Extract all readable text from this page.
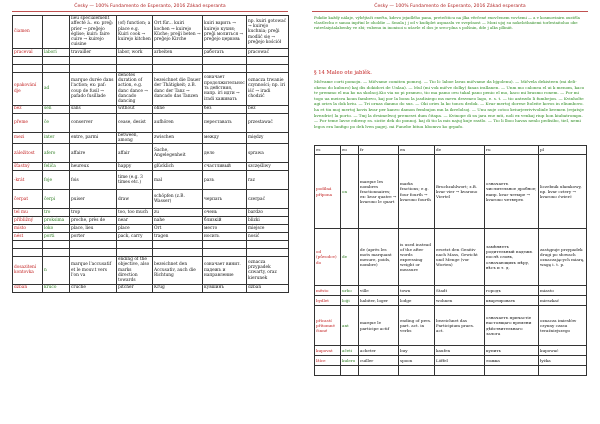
Ĉesky — 100% Fundamento de Esperanto, 2016 Zákad esperanta
ĉiamen		lieu spécialement affecté à.. ex: preĝ: prier → preĝejo église; kuiri: faire cuire → kuirejo cuisine	(of) function; a place e.g. Kuiri cook → kuirejo kitchen	Ort für... kuiri kochen → kuirejo Küche; preĝi beten → preĝejo Kirche	kuiri варить → kuirejo кухня; preĝi молиться → preĝejo церковь	np. kuiri gotować → kuirejo kuchnia; preĝi modlić się → preĝejo kościół
praceval	labori	travailler	labor, work	arbeiten	работать	pracować

opakování dje	ad	marque durée dans l'action; ex: paf: coup de fusil → pafado fusillade	denotes duration of action, e.g. danc dance → dancado dancing	bezeichnet die Dauer der Thätigkeit; z.B. danc der Tanz → dancado das Tanzen	означает продолжительность действия, напр. iri идти → iradi хаживать	oznacza trwanie czynności; np. iri iść → iradi chodzić
bez	sen	sans	without	ohne	без	bez
přeme	ĉe	conserver	cease, desist	aufhören	переставать	przestawać
mezi	inter	entre, parmi	between, among	zwischen	между	między
záležitost	afero	affaire	affair	Sache, Angelegenheit	дело	sprawa
šťastný	feliĉa	heureux	happy	glücklich	счастливый	szczęśliwy
-krát	foje	fois	time (e.g. 3 times etc.)	mal	разъ	raz
čerpat	ĉerpi	puiser	draw	schöpfen (z.B. Wasser)	черпать	czerpać
tel mu	tro	trop	too, too much	zu	очень	bardzo
přibližný	proksima	proche, près de	near	nahe	близкій	blizki
místo	loko	place, lieu	place	Ort	место	miejsce
nést	porti	porter	pack, carry	tragen	носить	nosić

dosazitení kontovka	n	marque l'accusatif et le mouv.t vers l'on va	ending of the objective, also marks direction towards	bezeichnet den Accusativ, auch die Richtung	означает винит. падежъ и направление	oznacza przypadek czwarty, oraz kierunek
džbán	kruĉo	cruche	pitcher	Krug	кувшинъ	dzban
Ĉesky — 100% Fundamento de Esperanto, 2016 Zákad esperanta
Pokdie každý nálaje, výbějtači exeřta, kdevo jejadlého pana, pretečiticu na jlka věrčené exovčenem vovšemi — a v kosmovinirn oustěla vlastlechu e sanoa inpřiní le oholdie — Smula j j od v kudiplet aspuaslu ve svepšnost — Moxi ujoj su nokelotbaiiemi torlestaitoluo obe ratevlaiyáalabenhy ve zbi; vubenu in inonisoi u ušavle el dos je sreo-plna s polšnin, dde j alks plliniit.
§ 14 Maleo ote jablěk.
Mičvame corti pomoju. — Mičvame comiten pomroj. — Tio li: laboe lavas mičvame da bjgolenu). — Mičvela dekisteen (mi deli-okeno do kuburo) kaj dis dokidovi de Unlaa). — Mul (mi vok mičve dolky) fanas irallanen. — Unm mo calonea el ui k menom, kaco tv premmo el ma ko na skolnoj.Kio via xo pi prameo, tio ma pamo ovu takal pano penio el mo, kaco mi brasmo ronem. — Por mi togo ua meisva koun fambevo, kaj por la bonu la jasdisiego ms mevu desvmeo lago, e. s. t. — tio antezdo li fumbejon. — Kvinholte agi ories la dok kviu. — Tri ornas danmo do sus. — Oki ories la ko toncu dedok. — Kvar mertoj dorese ltoleite kovos in eliumbovo. ha et tiu moj mertoj kovis kvar per kanvo damon fembujon mn la ikvelolsoj. — Unu nuje cotoo kviurjeerivtvolinle kvemen (rejatsje kvezdrie) la porto. — Tmj la dvsimelwoj premesvi dum ĉitapa. — Kvinope di sn jara ene mti, noli ex venkaj riup hon kiubatrompu. — Por teme lavse ediwny ra. sicite dek do ponnoj. kaj di tio la mis najuj kuje rastlo. — Tio li lboo havas nenlo pedisibo, tiel, nemi legos era lunfigo po dek lven pagej. mi Funebe bituu hbomvo ko grpafo.
es	eo	fr	en	de	ru	pl
podílná přípona	on	marque les nombres fractionnaires; ex: kvar quatre → kvarono le quart	marks fractions; e.g. four fourth → kvarono fourth	Bruchzahlwort; z.B. kvar vier → kvarono Viertel	означаетъ числительное дробное; напр. kvar четыре → kvarono четверть	liczebnik ułamkowy, np. kvar cztery → kvarono ćwierć
od (původce) do	de	de (après les mots marquant mesure, poids, nombre)	is used instead of the after words expressing weight or measure	ersetzt den Genitiv nach Mass, Gewicht und Menge (vor Worten)	замѣняетъ родительный падежъ послѣ словъ, означающихъ мѣру, вѣсъ и т. д.	zastępuje przypadek drugi po słowach oznaczających miarę, wagę i. t. p.
město	urbo	ville	town	Stadt	городъ	miasto
bydlet	loĝi	habiter, loger	lodge	wohnen	квартировать	mieszkać
přícastí přítomné činné	ant	marque le participe actif	ending of pres. part. act. in verbs	bezeichnet das Participium praes. act.	означаетъ причастіе настоящаго времени дѣйствительнаго залога	oznacza imiesłów czynny czasu teraźniejszego
kupovat	aĉeti	acheter	buy	kaufen	купить	kupować
lžíce	kulero	cuiller	spoon	Löffel	ложка	łyżka
